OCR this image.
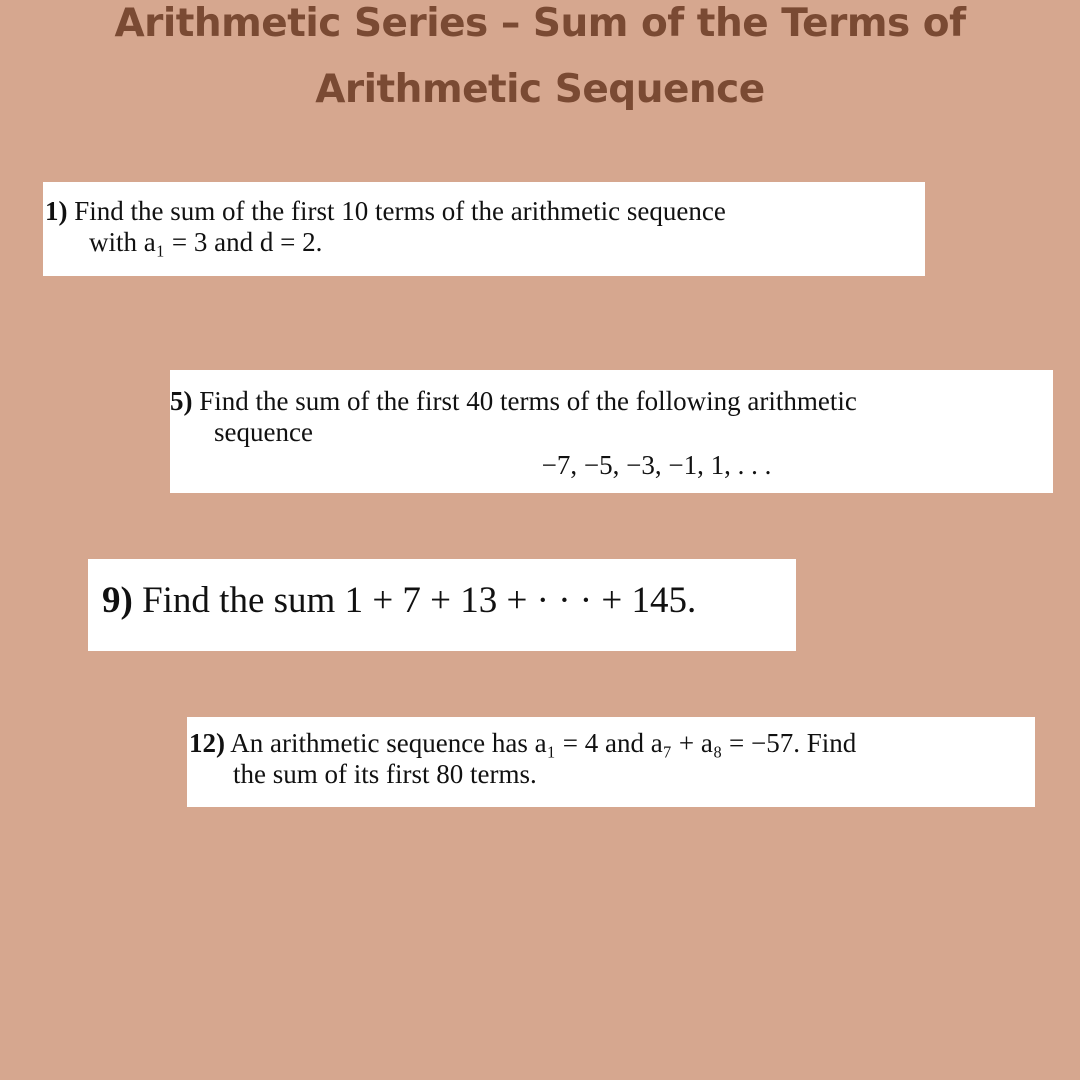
Arithmetic Series – Sum of the Terms of
Arithmetic Sequence
1) Find the sum of the first 10 terms of the arithmetic sequence
with a₁ = 3 and d = 2.
5) Find the sum of the first 40 terms of the following arithmetic
sequence
−7, −5, −3, −1, 1, . . .
9) Find the sum 1 + 7 + 13 + · · · + 145.
12) An arithmetic sequence has a₁ = 4 and a₇ + a₈ = −57. Find
the sum of its first 80 terms.
